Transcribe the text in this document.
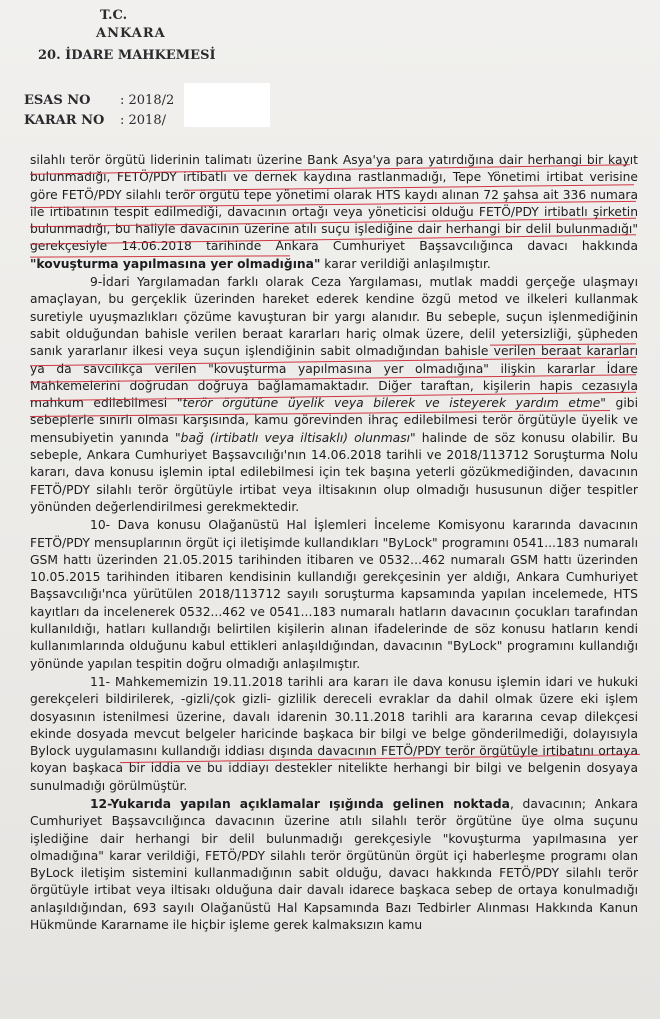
T.C.
ANKARA
20. İDARE MAHKEMESİ
ESAS NO : 2018/2
KARAR NO : 2018/

silahlı terör örgütü liderinin talimatı üzerine Bank Asya'ya para yatırdığına dair herhangi bir kayıt bulunmadığı, FETÖ/PDY irtibatlı ve dernek kaydına rastlanmadığı, Tepe Yönetimi irtibat verisine göre FETÖ/PDY silahlı terör örgütü tepe yönetimi olarak HTS kaydı alınan 72 şahsa ait 336 numara ile irtibatının tespit edilmediği, davacının ortağı veya yöneticisi olduğu FETÖ/PDY irtibatlı şirketin bulunmadığı, bu haliyle davacının üzerine atılı suçu işlediğine dair herhangi bir delil bulunmadığı" gerekçesiyle 14.06.2018 tarihinde Ankara Cumhuriyet Başsavcılığınca davacı hakkında "kovuşturma yapılmasına yer olmadığına" karar verildiği anlaşılmıştır.

9-İdari Yargılamadan farklı olarak Ceza Yargılaması, mutlak maddi gerçeğe ulaşmayı amaçlayan, bu gerçeklik üzerinden hareket ederek kendine özgü metod ve ilkeleri kullanmak suretiyle uyuşmazlıkları çözüme kavuşturan bir yargı alanıdır. Bu sebeple, suçun işlenmediğinin sabit olduğundan bahisle verilen beraat kararları hariç olmak üzere, delil yetersizliği, şüpheden sanık yararlanır ilkesi veya suçun işlendiğinin sabit olmadığından bahisle verilen beraat kararları ya da savcılıkça verilen "kovuşturma yapılmasına yer olmadığına" ilişkin kararlar İdare Mahkemelerini doğrudan doğruya bağlamamaktadır. Diğer taraftan, kişilerin hapis cezasıyla mahkum edilebilmesi "terör örgütüne üyelik veya bilerek ve isteyerek yardım etme" gibi sebeplerle sınırlı olması karşısında, kamu görevinden ihraç edilebilmesi terör örgütüyle üyelik ve mensubiyetin yanında "bağ (irtibatlı veya iltisaklı) olunması" halinde de söz konusu olabilir. Bu sebeple, Ankara Cumhuriyet Başsavcılığı'nın 14.06.2018 tarihli ve 2018/113712 Soruşturma Nolu kararı, dava konusu işlemin iptal edilebilmesi için tek başına yeterli gözükmediğinden, davacının FETÖ/PDY silahlı terör örgütüyle irtibat veya iltisakının olup olmadığı hususunun diğer tespitler yönünden değerlendirilmesi gerekmektedir.

10- Dava konusu Olağanüstü Hal İşlemleri İnceleme Komisyonu kararında davacının FETÖ/PDY mensuplarının örgüt içi iletişimde kullandıkları "ByLock" programını 0541...183 numaralı GSM hattı üzerinden 21.05.2015 tarihinden itibaren ve 0532...462 numaralı GSM hattı üzerinden 10.05.2015 tarihinden itibaren kendisinin kullandığı gerekçesinin yer aldığı, Ankara Cumhuriyet Başsavcılığı'nca yürütülen 2018/113712 sayılı soruşturma kapsamında yapılan incelemede, HTS kayıtları da incelenerek 0532...462 ve 0541...183 numaralı hatların davacının çocukları tarafından kullanıldığı, hatları kullandığı belirtilen kişilerin alınan ifadelerinde de söz konusu hatların kendi kullanımlarında olduğunu kabul ettikleri anlaşıldığından, davacının "ByLock" programını kullandığı yönünde yapılan tespitin doğru olmadığı anlaşılmıştır.

11- Mahkememizin 19.11.2018 tarihli ara kararı ile dava konusu işlemin idari ve hukuki gerekçeleri bildirilerek, -gizli/çok gizli- gizlilik dereceli evraklar da dahil olmak üzere eki işlem dosyasının istenilmesi üzerine, davalı idarenin 30.11.2018 tarihli ara kararına cevap dilekçesi ekinde dosyada mevcut belgeler haricinde başkaca bir bilgi ve belge gönderilmediği, dolayısıyla Bylock uygulamasını kullandığı iddiası dışında davacının FETÖ/PDY terör örgütüyle irtibatını ortaya koyan başkaca bir iddia ve bu iddiayı destekler nitelikte herhangi bir bilgi ve belgenin dosyaya sunulmadığı görülmüştür.

12-Yukarıda yapılan açıklamalar ışığında gelinen noktada, davacının; Ankara Cumhuriyet Başsavcılığınca davacının üzerine atılı silahlı terör örgütüne üye olma suçunu işlediğine dair herhangi bir delil bulunmadığı gerekçesiyle "kovuşturma yapılmasına yer olmadığına" karar verildiği, FETÖ/PDY silahlı terör örgütünün örgüt içi haberleşme programı olan ByLock iletişim sistemini kullanmadığının sabit olduğu, davacı hakkında FETÖ/PDY silahlı terör örgütüyle irtibat veya iltisakı olduğuna dair davalı idarece başkaca sebep de ortaya konulmadığı anlaşıldığından, 693 sayılı Olağanüstü Hal Kapsamında Bazı Tedbirler Alınması Hakkında Kanun Hükmünde Kararname ile hiçbir işleme gerek kalmaksızın kamu
